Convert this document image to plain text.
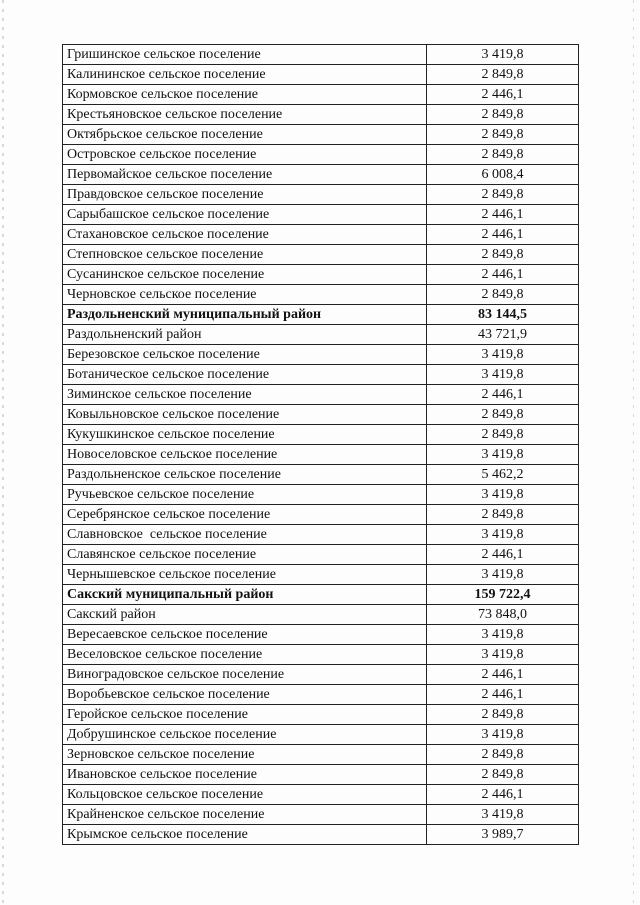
Гришинское сельское поселение	3 419,8
Калининское сельское поселение	2 849,8
Кормовское сельское поселение	2 446,1
Крестьяновское сельское поселение	2 849,8
Октябрьское сельское поселение	2 849,8
Островское сельское поселение	2 849,8
Первомайское сельское поселение	6 008,4
Правдовское сельское поселение	2 849,8
Сарыбашское сельское поселение	2 446,1
Стахановское сельское поселение	2 446,1
Степновское сельское поселение	2 849,8
Сусанинское сельское поселение	2 446,1
Черновское сельское поселение	2 849,8
Раздольненский муниципальный район	83 144,5
Раздольненский район	43 721,9
Березовское сельское поселение	3 419,8
Ботаническое сельское поселение	3 419,8
Зиминское сельское поселение	2 446,1
Ковыльновское сельское поселение	2 849,8
Кукушкинское сельское поселение	2 849,8
Новоселовское сельское поселение	3 419,8
Раздольненское сельское поселение	5 462,2
Ручьевское сельское поселение	3 419,8
Серебрянское сельское поселение	2 849,8
Славновское  сельское поселение	3 419,8
Славянское сельское поселение	2 446,1
Чернышевское сельское поселение	3 419,8
Сакский муниципальный район	159 722,4
Сакский район	73 848,0
Вересаевское сельское поселение	3 419,8
Веселовское сельское поселение	3 419,8
Виноградовское сельское поселение	2 446,1
Воробьевское сельское поселение	2 446,1
Геройское сельское поселение	2 849,8
Добрушинское сельское поселение	3 419,8
Зерновское сельское поселение	2 849,8
Ивановское сельское поселение	2 849,8
Кольцовское сельское поселение	2 446,1
Крайненское сельское поселение	3 419,8
Крымское сельское поселение	3 989,7
